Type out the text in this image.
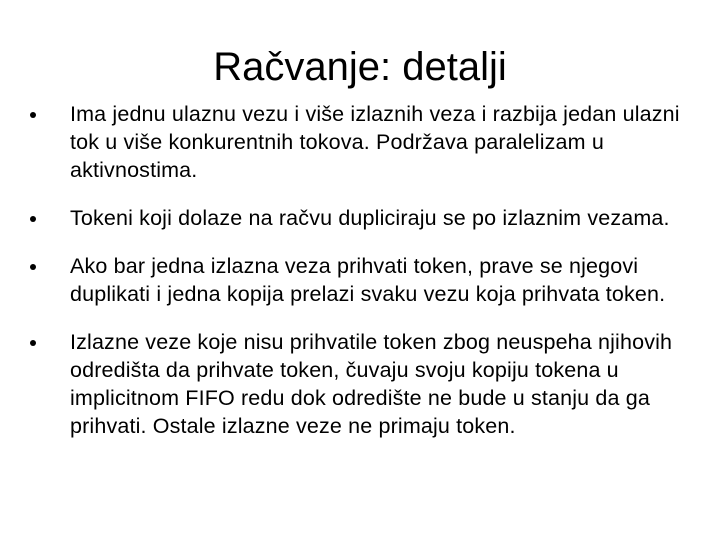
Račvanje: detalji
Ima jednu ulaznu vezu i više izlaznih veza i razbija jedan ulazni tok u više konkurentnih tokova. Podržava paralelizam u aktivnostima.
Tokeni koji dolaze na račvu dupliciraju se po izlaznim vezama.
Ako bar jedna izlazna veza prihvati token, prave se njegovi duplikati i jedna kopija prelazi svaku vezu koja prihvata token.
Izlazne veze koje nisu prihvatile token zbog neuspeha njihovih odredišta da prihvate token, čuvaju svoju kopiju tokena u implicitnom FIFO redu dok odredište ne bude u stanju da ga prihvati. Ostale izlazne veze ne primaju token.
